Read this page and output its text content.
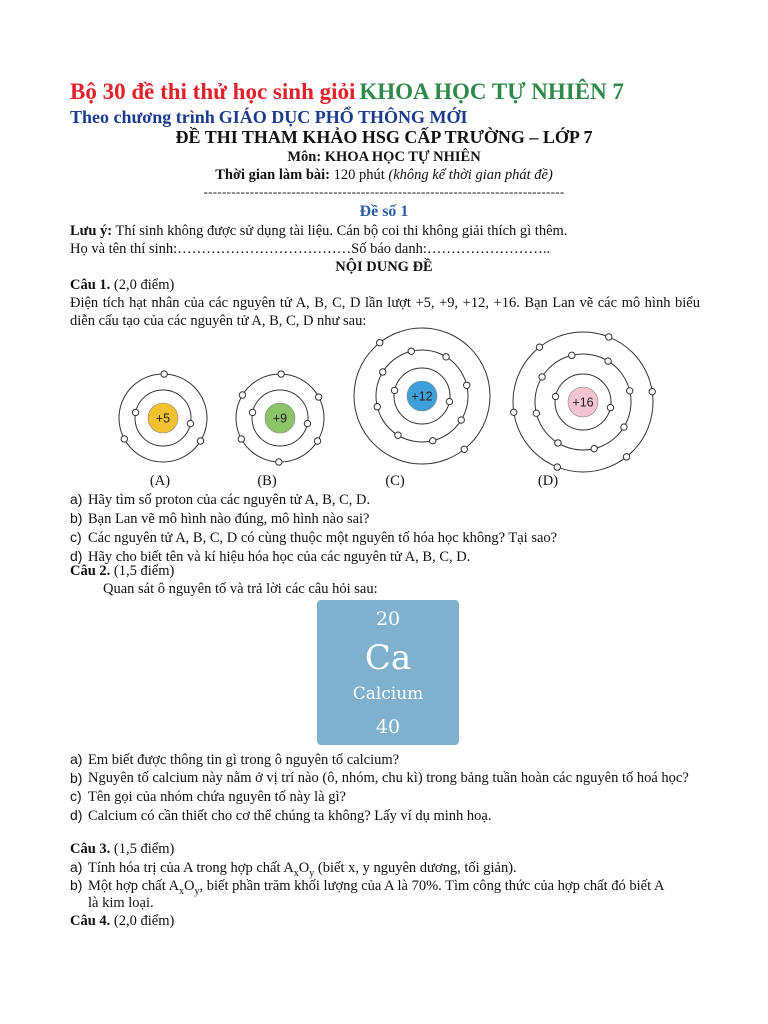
Bộ 30 đề thi thử học sinh giỏi KHOA HỌC TỰ NHIÊN 7
Theo chương trình GIÁO DỤC PHỔ THÔNG MỚI
ĐỀ THI THAM KHẢO HSG CẤP TRƯỜNG – LỚP 7
Môn: KHOA HỌC TỰ NHIÊN
Thời gian làm bài: 120 phút (không kể thời gian phát đề)
------------------------------------------------------------------------------
Đề số 1
Lưu ý: Thí sinh không được sử dụng tài liệu. Cán bộ coi thi không giải thích gì thêm.
Họ và tên thí sinh:………………………………Số báo danh:……………………..
NỘI DUNG ĐỀ
Câu 1. (2,0 điểm)
Điện tích hạt nhân của các nguyên tử A, B, C, D lần lượt +5, +9, +12, +16. Bạn Lan vẽ các mô hình biểu diễn cấu tạo của các nguyên tử A, B, C, D như sau:
+5
(A)
+9
(B)
+12
(C)
+16
(D)
a) Hãy tìm số proton của các nguyên tử A, B, C, D.
b) Bạn Lan vẽ mô hình nào đúng, mô hình nào sai?
c) Các nguyên tử A, B, C, D có cùng thuộc một nguyên tố hóa học không? Tại sao?
d) Hãy cho biết tên và kí hiệu hóa học của các nguyên tử A, B, C, D.
Câu 2. (1,5 điểm)
Quan sát ô nguyên tố và trả lời các câu hỏi sau:
20
Ca
Calcium
40
a) Em biết được thông tin gì trong ô nguyên tố calcium?
b) Nguyên tố calcium này nằm ở vị trí nào (ô, nhóm, chu kì) trong bảng tuần hoàn các nguyên tố hoá học?
c) Tên gọi của nhóm chứa nguyên tố này là gì?
d) Calcium có cần thiết cho cơ thể chúng ta không? Lấy ví dụ minh hoạ.
Câu 3. (1,5 điểm)
a) Tính hóa trị của A trong hợp chất $A_xO_y$ (biết x, y nguyên dương, tối giản).
b) Một hợp chất $A_xO_y$, biết phần trăm khối lượng của A là 70%. Tìm công thức của hợp chất đó biết A
là kim loại.
Câu 4. (2,0 điểm)
